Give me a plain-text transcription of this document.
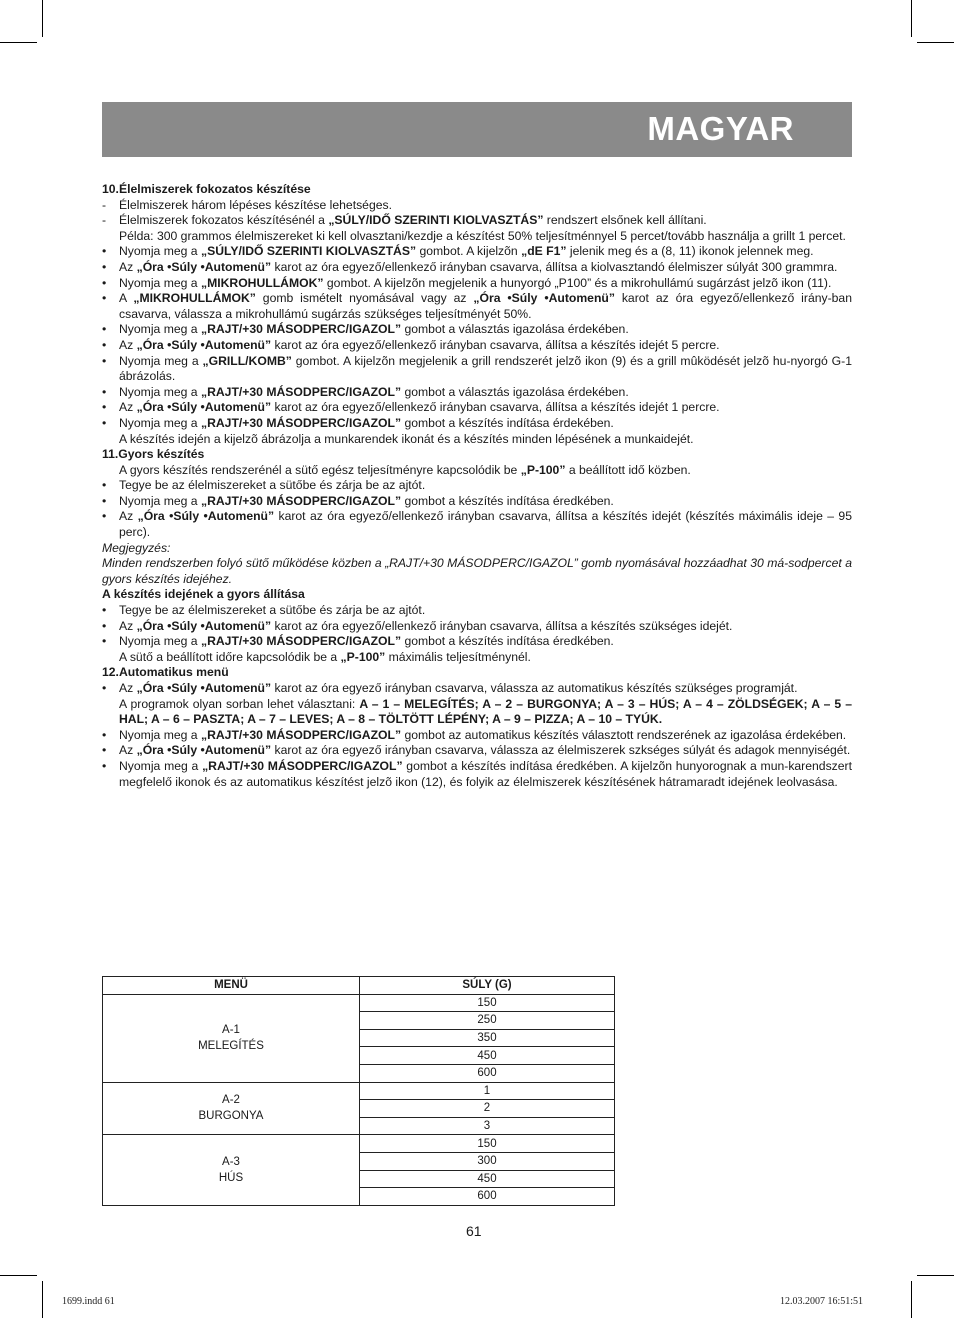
MAGYAR

10.Élelmiszerek fokozatos készítése

-	Élelmiszerek három lépéses készítése lehetséges.

-	Élelmiszerek fokozatos készítésénél a „SÚLY/IDŐ SZERINTI KIOLVASZTÁS” rendszert elsőnek kell állítani.

Példa: 300 grammos élelmiszereket ki kell olvasztani/kezdje a készítést 50% teljesítménnyel 5 percet/tovább használja a grillt 1 percet.

•	Nyomja meg a „SÚLY/IDŐ SZERINTI KIOLVASZTÁS” gombot. A kijelzõn „dE F1” jelenik meg és a (8, 11) ikonok jelennek meg.

•	Az „Óra •Súly •Automenü” karot az óra egyező/ellenkező irányban csavarva, állítsa a kiolvasztandó élelmiszer súlyát 300 grammra.

•	Nyomja meg a „MIKROHULLÁMOK” gombot. A kijelzõn megjelenik a hunyorgó „P100” és a mikrohullámú sugárzást jelzõ ikon (11).

•	A „MIKROHULLÁMOK” gomb ismételt nyomásával vagy az „Óra •Súly •Automenü” karot az óra egyező/ellenkező irány-ban csavarva, válassza a mikrohullámú sugárzás szükséges teljesítményét 50%.

•	Nyomja meg a „RAJT/+30 MÁSODPERC/IGAZOL” gombot a választás igazolása érdekében.

•	Az „Óra •Súly •Automenü” karot az óra egyező/ellenkező irányban csavarva, állítsa a készítés idejét 5 percre.

•	Nyomja meg a „GRILL/KOMB” gombot. A kijelzõn megjelenik a grill rendszerét jelzõ ikon (9) és a grill mûködését jelzõ hu-nyorgó G-1 ábrázolás.

•	Nyomja meg a „RAJT/+30 MÁSODPERC/IGAZOL” gombot a választás igazolása érdekében.

•	Az „Óra •Súly •Automenü” karot az óra egyező/ellenkező irányban csavarva, állítsa a készítés idejét 1 percre.

•	Nyomja meg a „RAJT/+30 MÁSODPERC/IGAZOL” gombot a készítés indítása érdekében.

A készítés idején a kijelzõ ábrázolja a munkarendek ikonát és a készítés minden lépésének a munkaidejét.

11.Gyors készítés

A gyors készítés rendszerénél a sütő egész teljesítményre kapcsolódik be „P-100” a beállított idő közben.

•	Tegye be az élelmiszereket a sütőbe és zárja be az ajtót.

•	Nyomja meg a „RAJT/+30 MÁSODPERC/IGAZOL” gombot a készítés indítása éredkében.

•	Az „Óra •Súly •Automenü” karot az óra egyező/ellenkező irányban csavarva, állítsa a készítés idejét (készítés máximális ideje – 95 perc).

Megjegyzés:

Minden rendszerben folyó sütő működése közben a „RAJT/+30 MÁSODPERC/IGAZOL” gomb nyomásával hozzáadhat 30 má-sodpercet a gyors készítés idejéhez.

A készítés idejének a gyors állítása

•	Tegye be az élelmiszereket a sütőbe és zárja be az ajtót.

•	Az „Óra •Súly •Automenü” karot az óra egyező/ellenkező irányban csavarva, állítsa a készítés szükséges idejét.

•	Nyomja meg a „RAJT/+30 MÁSODPERC/IGAZOL” gombot a készítés indítása éredkében.

A sütő a beállított időre kapcsolódik be a „P-100” máximális teljesítménynél.

12.Automatikus menü

•	Az „Óra •Súly •Automenü” karot az óra egyező irányban csavarva, válassza az automatikus készítés szükséges programját.

A programok olyan sorban lehet választani: A – 1 – MELEGÍTÉS; A – 2 – BURGONYA; A – 3 – HÚS; A – 4 – ZÖLDSÉGEK; A – 5 – HAL; A – 6 – PASZTA; A – 7 – LEVES; A – 8 – TÖLTÖTT LÉPÉNY; A – 9 – PIZZA; A – 10 – TYÚK.

•	Nyomja meg a „RAJT/+30 MÁSODPERC/IGAZOL” gombot az automatikus készítés választott rendszerének az igazolása érdekében.

•	Az „Óra •Súly •Automenü” karot az óra egyező irányban csavarva, válassza az élelmiszerek szkséges súlyát és adagok mennyiségét.

•	Nyomja meg a „RAJT/+30 MÁSODPERC/IGAZOL” gombot a készítés indítása éredkében. A kijelzõn hunyorognak a mun-karendszert megfelelő ikonok és az automatikus készítést jelzõ ikon (12), és folyik az élelmiszerek készítésének hátramaradt idejének leolvasása.

MENÜ	SÚLY (G)
A-1
MELEGÍTÉS	150
	250
	350
	450
	600
A-2
BURGONYA	1
	2
	3
A-3
HÚS	150
	300
	450
	600
61
1699.indd 61	12.03.2007 16:51:51
